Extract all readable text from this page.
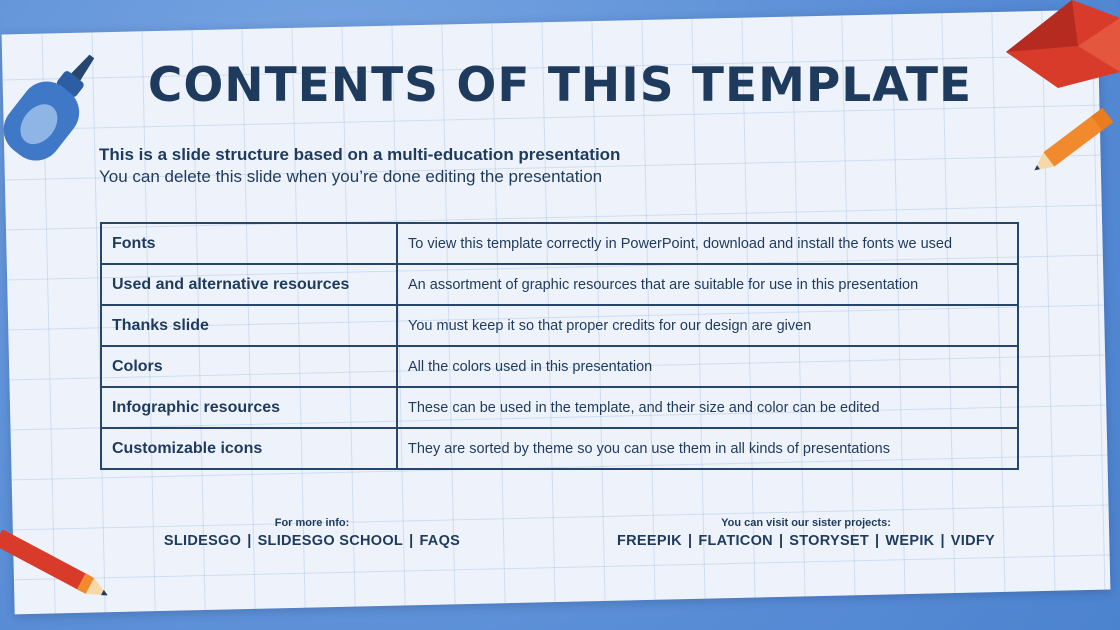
CONTENTS OF THIS TEMPLATE
This is a slide structure based on a multi-education presentation
You can delete this slide when you’re done editing the presentation
Fonts	To view this template correctly in PowerPoint, download and install the fonts we used
Used and alternative resources	An assortment of graphic resources that are suitable for use in this presentation
Thanks slide	You must keep it so that proper credits for our design are given
Colors	All the colors used in this presentation
Infographic resources	These can be used in the template, and their size and color can be edited
Customizable icons	They are sorted by theme so you can use them in all kinds of presentations
For more info:
SLIDESGO | SLIDESGO SCHOOL | FAQS
You can visit our sister projects:
FREEPIK | FLATICON | STORYSET | WEPIK | VIDFY
